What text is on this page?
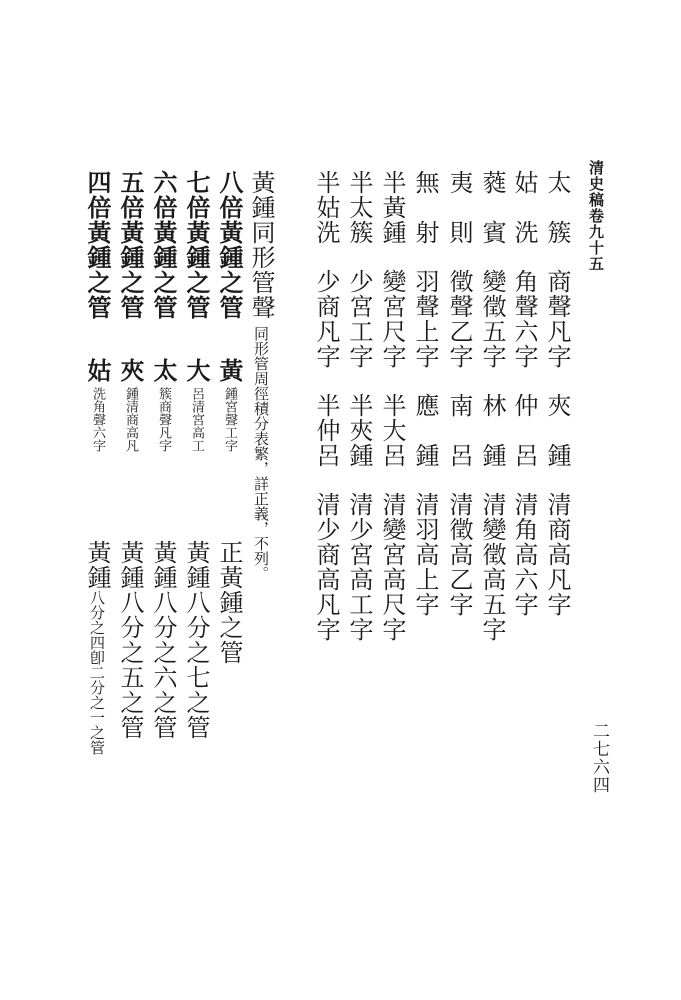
清史稿卷九十五
二七六四
太　簇商聲凡字夾　鍾清商高凡字
姑　洗角聲六字仲　呂清角高六字
蕤　賓變徵五字林　鍾清變徵高五字
夷　則徵聲乙字南　呂清徵高乙字
無　射羽聲上字應　鍾清羽高上字
半黃鍾變宮尺字半大呂清變宮高尺字
半太簇少宮工字半夾鍾清少宮高工字
半姑洗少商凡字半仲呂清少商高凡字
黃鍾同形管聲同形管周徑積分表繁，詳正義，不列。
八倍黃鍾之管
七倍黃鍾之管
六倍黃鍾之管
五倍黃鍾之管
四倍黃鍾之管
黃鍾宮聲工字
大呂清宮高工
太簇商聲凡字
夾鍾清商高凡
姑洗角聲六字
正黃鍾之管
黃鍾八分之七之管
黃鍾八分之六之管
黃鍾八分之五之管
黃鍾八分之四卽二分之一之管
